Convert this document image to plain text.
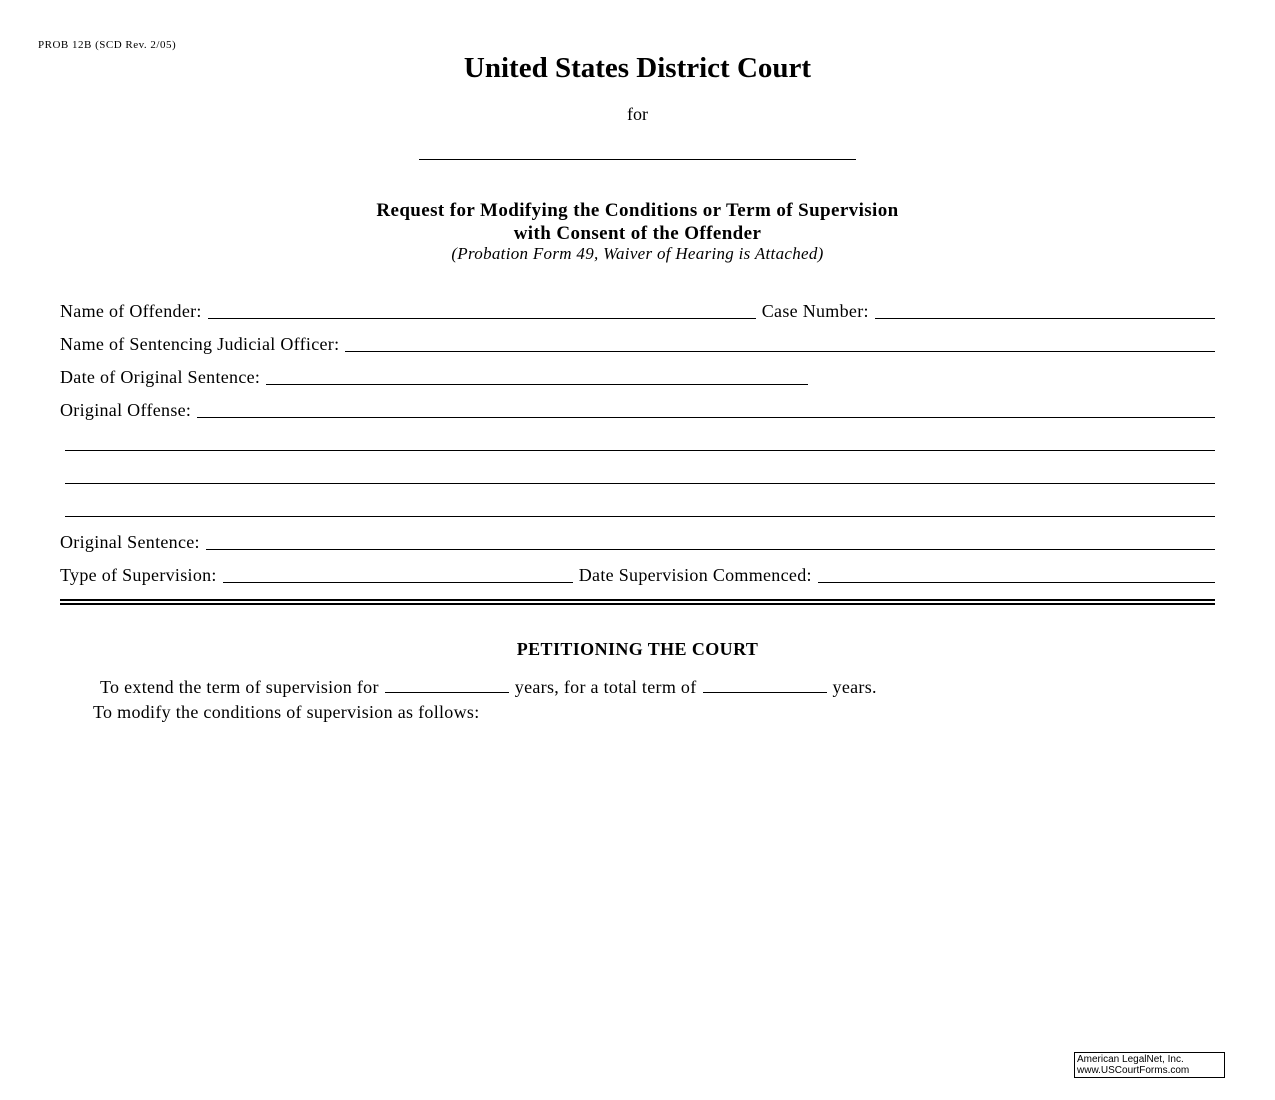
PROB 12B (SCD Rev. 2/05)
United States District Court
for
Request for Modifying the Conditions or Term of Supervision
with Consent of the Offender
(Probation Form 49, Waiver of Hearing is Attached)
Name of Offender:	Case Number:
Name of Sentencing Judicial Officer:
Date of Original Sentence:
Original Offense:
Original Sentence:
Type of Supervision:	Date Supervision Commenced:
PETITIONING THE COURT
To extend the term of supervision for	years, for a total term of	years.
To modify the conditions of supervision as follows:
American LegalNet, Inc.
www.USCourtForms.com
